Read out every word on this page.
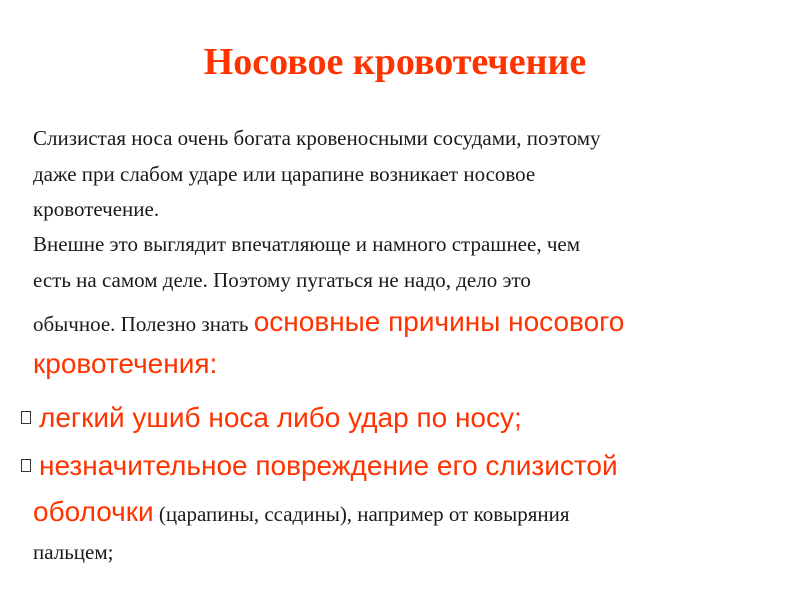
Носовое кровотечение
Слизистая носа очень богата кровеносными сосудами, поэтому
даже при слабом ударе или царапине возникает носовое
кровотечение.
Внешне это выглядит впечатляюще и намного страшнее, чем
есть на самом деле. Поэтому пугаться не надо, дело это
обычное. Полезно знать основные причины носового
кровотечения:
легкий ушиб носа либо удар по носу;
незначительное повреждение его слизистой
оболочки (царапины, ссадины), например от ковыряния
пальцем;
